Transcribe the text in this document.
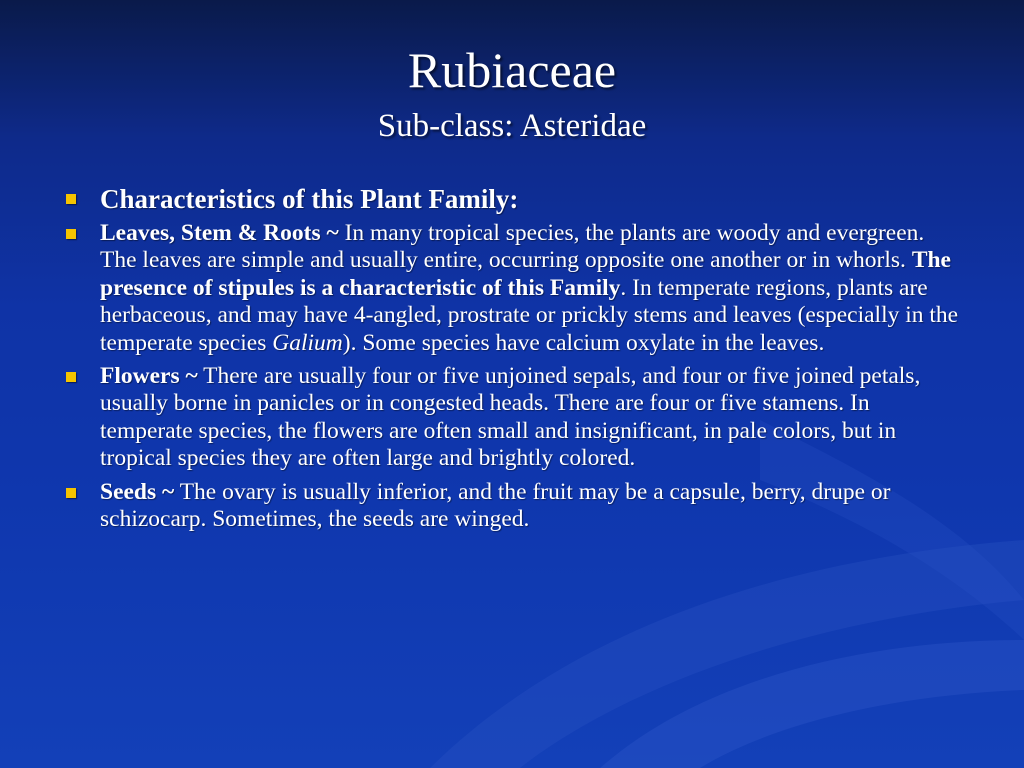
Rubiaceae
Sub-class: Asteridae
Characteristics of this Plant Family:
Leaves, Stem & Roots ~ In many tropical species, the plants are woody and evergreen. The leaves are simple and usually entire, occurring opposite one another or in whorls. The presence of stipules is a characteristic of this Family. In temperate regions, plants are herbaceous, and may have 4-angled, prostrate or prickly stems and leaves (especially in the temperate species Galium). Some species have calcium oxylate in the leaves.
Flowers ~ There are usually four or five unjoined sepals, and four or five joined petals, usually borne in panicles or in congested heads. There are four or five stamens. In temperate species, the flowers are often small and insignificant, in pale colors, but in tropical species they are often large and brightly colored.
Seeds ~ The ovary is usually inferior, and the fruit may be a capsule, berry, drupe or schizocarp. Sometimes, the seeds are winged.
